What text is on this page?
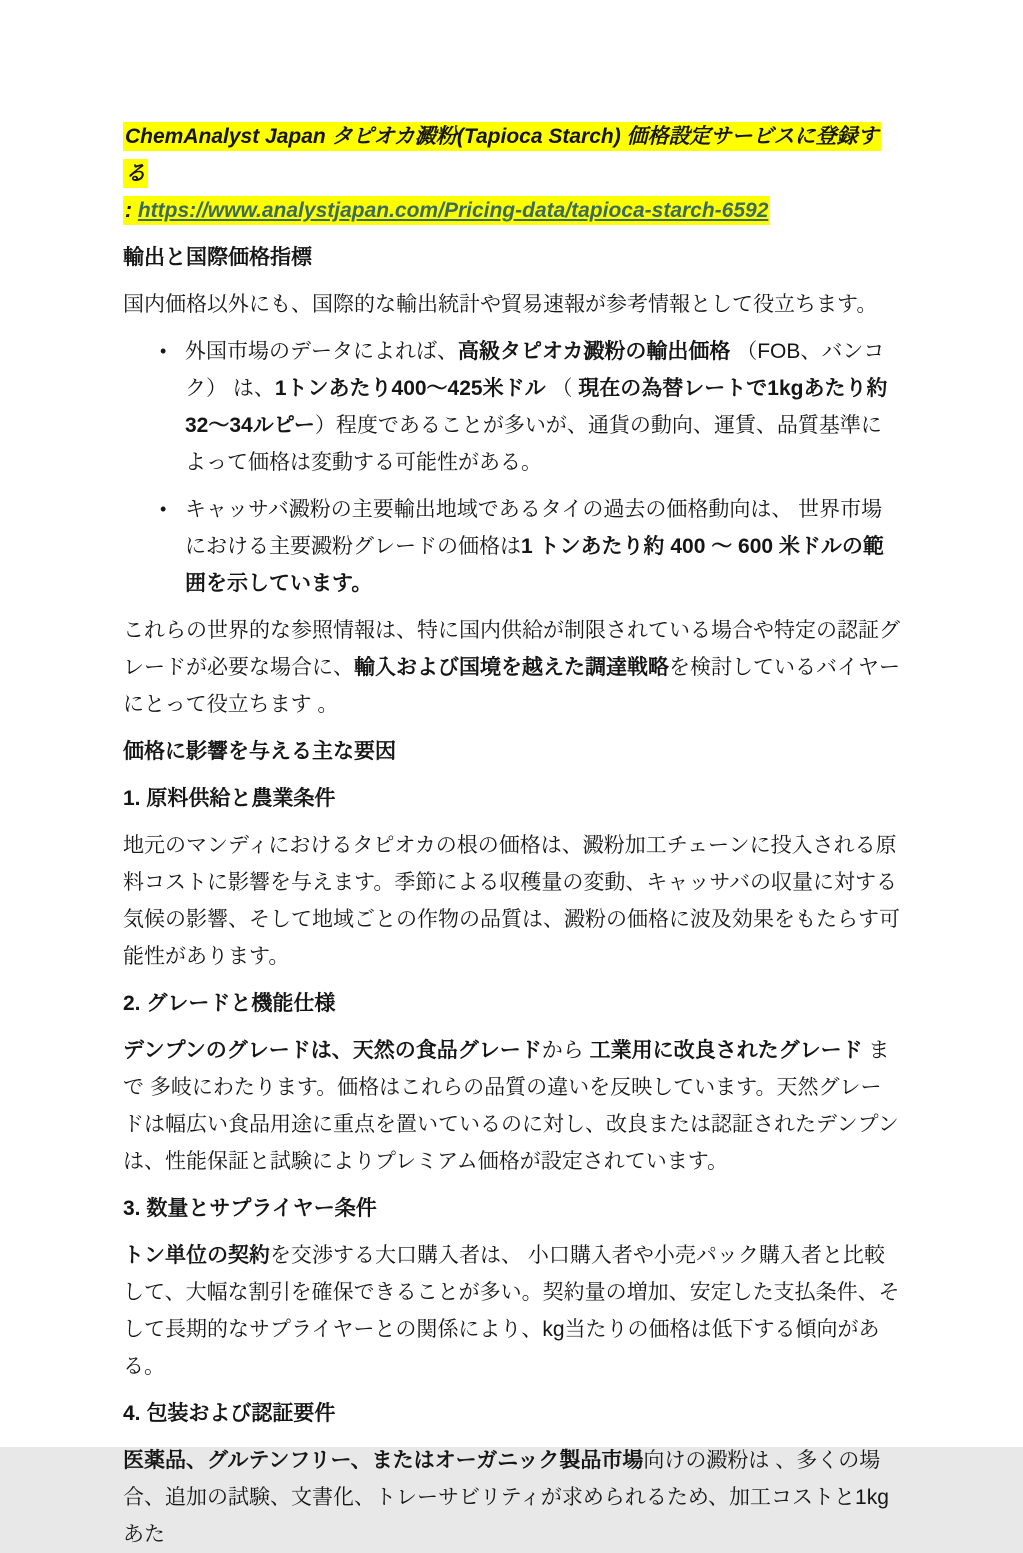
ChemAnalyst Japan タピオカ澱粉(Tapioca Starch) 価格設定サービスに登録する
: https://www.analystjapan.com/Pricing-data/tapioca-starch-6592

輸出と国際価格指標

国内価格以外にも、国際的な輸出統計や貿易速報が参考情報として役立ちます。

• 外国市場のデータによれば、高級タピオカ澱粉の輸出価格 （FOB、バンコク） は、1トンあたり400～425米ドル （ 現在の為替レートで1kgあたり約32～34ルピー）程度であることが多いが、通貨の動向、運賃、品質基準によって価格は変動する可能性がある。
• キャッサバ澱粉の主要輸出地域であるタイの過去の価格動向は、 世界市場における主要澱粉グレードの価格は1 トンあたり約 400 ～ 600 米ドルの範囲を示しています。

これらの世界的な参照情報は、特に国内供給が制限されている場合や特定の認証グレードが必要な場合に、輸入および国境を越えた調達戦略を検討しているバイヤーにとって役立ちます 。

価格に影響を与える主な要因
1. 原料供給と農業条件

地元のマンディにおけるタピオカの根の価格は、澱粉加工チェーンに投入される原料コストに影響を与えます。季節による収穫量の変動、キャッサバの収量に対する気候の影響、そして地域ごとの作物の品質は、澱粉の価格に波及効果をもたらす可能性があります。

2. グレードと機能仕様

デンプンのグレードは、天然の食品グレードから 工業用に改良されたグレード まで 多岐にわたります。価格はこれらの品質の違いを反映しています。天然グレードは幅広い食品用途に重点を置いているのに対し、改良または認証されたデンプンは、性能保証と試験によりプレミアム価格が設定されています。

3. 数量とサプライヤー条件

トン単位の契約を交渉する大口購入者は、 小口購入者や小売パック購入者と比較して、大幅な割引を確保できることが多い。契約量の増加、安定した支払条件、そして長期的なサプライヤーとの関係により、kg当たりの価格は低下する傾向がある。

4. 包装および認証要件

医薬品、グルテンフリー、またはオーガニック製品市場向けの澱粉は 、多くの場合、追加の試験、文書化、トレーサビリティが求められるため、加工コストと1kgあた
